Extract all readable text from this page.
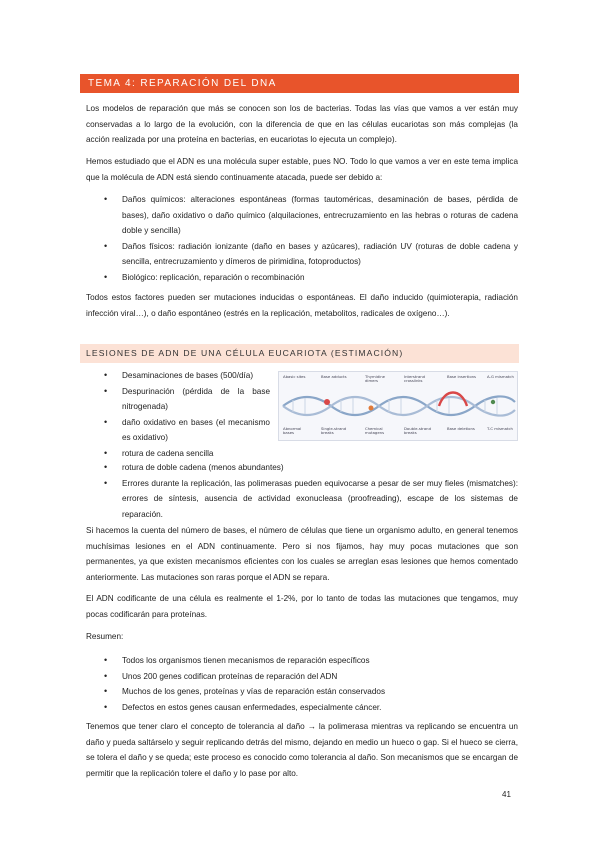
TEMA 4: REPARACIÓN DEL DNA

Los modelos de reparación que más se conocen son los de bacterias. Todas las vías que vamos a ver están muy conservadas a lo largo de la evolución, con la diferencia de que en las células eucariotas son más complejas (la acción realizada por una proteína en bacterias, en eucariotas lo ejecuta un complejo).

Hemos estudiado que el ADN es una molécula super estable, pues NO. Todo lo que vamos a ver en este tema implica que la molécula de ADN está siendo continuamente atacada, puede ser debido a:

• Daños químicos: alteraciones espontáneas (formas tautoméricas, desaminación de bases, pérdida de bases), daño oxidativo o daño químico (alquilaciones, entrecruzamiento en las hebras o roturas de cadena doble y sencilla)
• Daños físicos: radiación ionizante (daño en bases y azúcares), radiación UV (roturas de doble cadena y sencilla, entrecruzamiento y dímeros de pirimidina, fotoproductos)
• Biológico: replicación, reparación o recombinación

Todos estos factores pueden ser mutaciones inducidas o espontáneas. El daño inducido (quimioterapia, radiación infección viral…), o daño espontáneo (estrés en la replicación, metabolitos, radicales de oxígeno…).

LESIONES DE ADN DE UNA CÉLULA EUCARIOTA (ESTIMACIÓN)
• Desaminaciones de bases (500/día)
• Despurinación (pérdida de la base nitrogenada)
• daño oxidativo en bases (el mecanismo es oxidativo)
• rotura de cadena sencilla
• rotura de doble cadena (menos abundantes)
• Errores durante la replicación, las polimerasas pueden equivocarse a pesar de ser muy fieles (mismatches): errores de síntesis, ausencia de actividad exonucleasa (proofreading), escape de los sistemas de reparación.
Abasic sites	Base adducts	Thymidine dimers
Interstrand crosslinks
Base insertions	A-G mismatch
Abnormal bases
Single-strand breaks
Chemical mutagens
Double-strand breaks
Base deletions	T-C mismatch

Si hacemos la cuenta del número de bases, el número de células que tiene un organismo adulto, en general tenemos muchísimas lesiones en el ADN continuamente. Pero si nos fijamos, hay muy pocas mutaciones que son permanentes, ya que existen mecanismos eficientes con los cuales se arreglan esas lesiones que hemos comentado anteriormente. Las mutaciones son raras porque el ADN se repara.

El ADN codificante de una célula es realmente el 1-2%, por lo tanto de todas las mutaciones que tengamos, muy pocas codificarán para proteínas.

Resumen:

• Todos los organismos tienen mecanismos de reparación específicos
• Unos 200 genes codifican proteínas de reparación del ADN
• Muchos de los genes, proteínas y vías de reparación están conservados
• Defectos en estos genes causan enfermedades, especialmente cáncer.

Tenemos que tener claro el concepto de tolerancia al daño → la polimerasa mientras va replicando se encuentra un daño y pueda saltárselo y seguir replicando detrás del mismo, dejando en medio un hueco o gap. Si el hueco se cierra, se tolera el daño y se queda; este proceso es conocido como tolerancia al daño. Son mecanismos que se encargan de permitir que la replicación tolere el daño y lo pase por alto.

41
